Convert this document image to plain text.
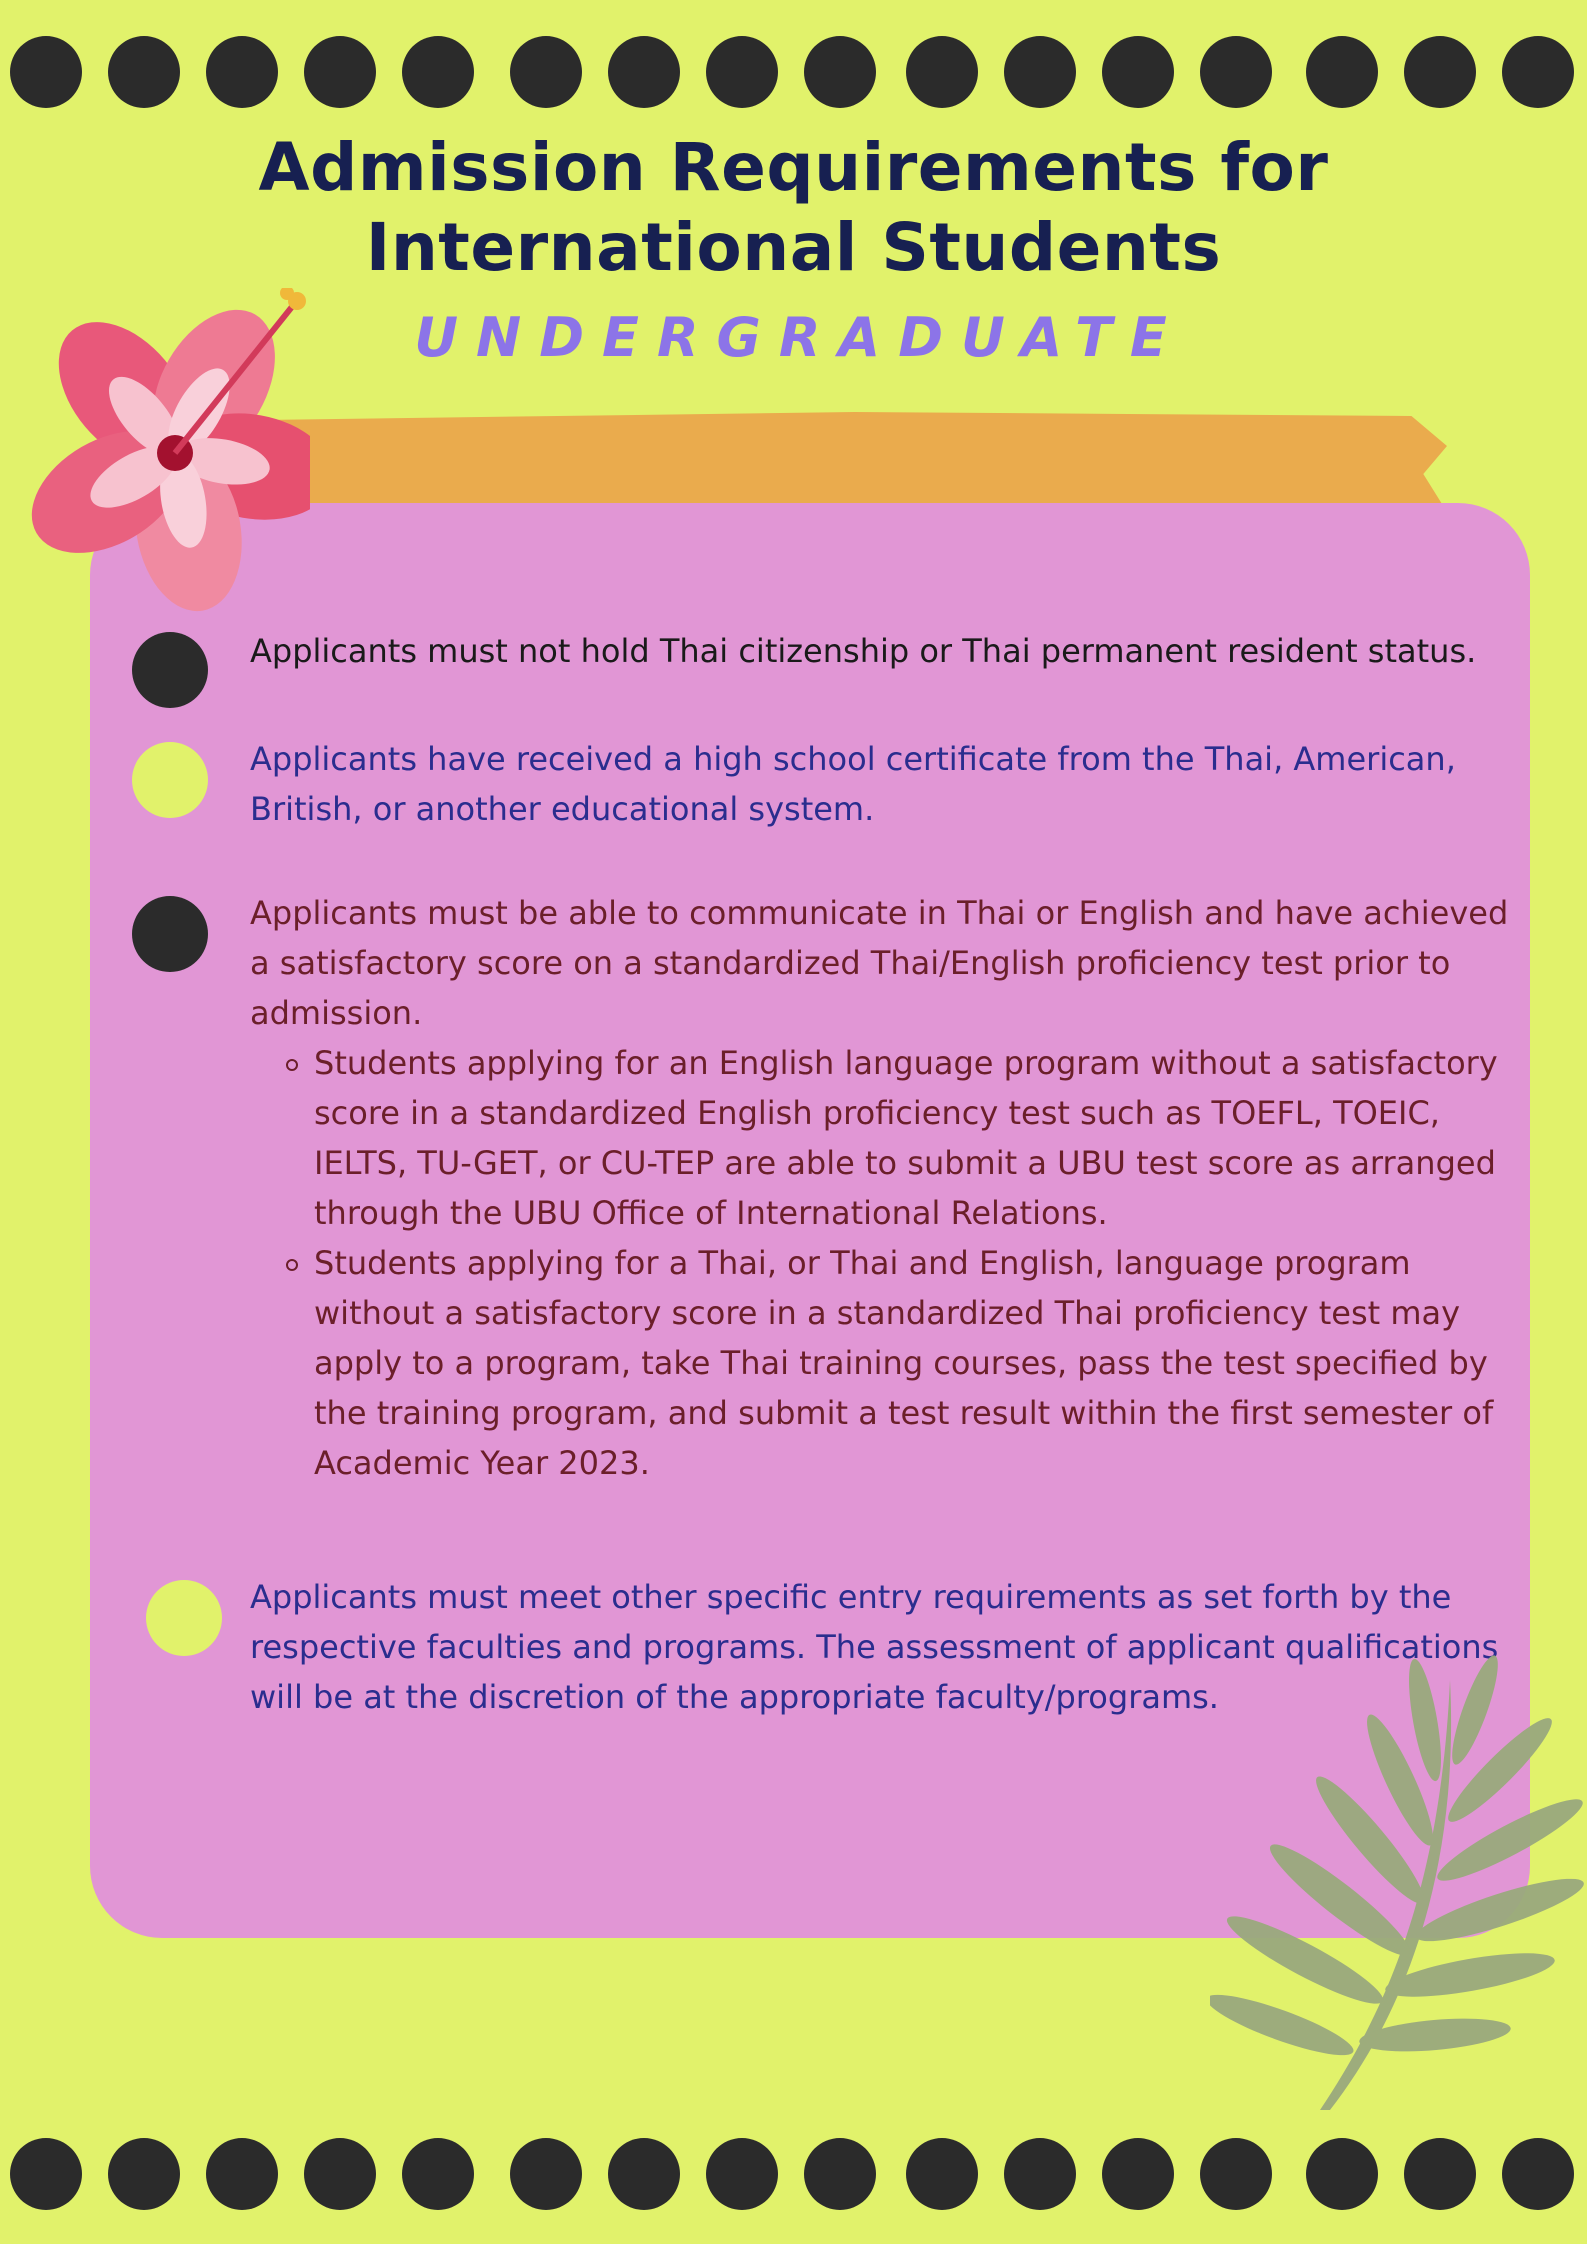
Admission Requirements for
International Students
UNDERGRADUATE

Applicants must not hold Thai citizenship or Thai permanent resident status.

Applicants have received a high school certificate from the Thai, American, British, or another educational system.

Applicants must be able to communicate in Thai or English and have achieved a satisfactory score on a standardized Thai/English proficiency test prior to admission.

Students applying for an English language program without a satisfactory score in a standardized English proficiency test such as TOEFL, TOEIC, IELTS, TU-GET, or CU-TEP are able to submit a UBU test score as arranged through the UBU Office of International Relations.
Students applying for a Thai, or Thai and English, language program without a satisfactory score in a standardized Thai proficiency test may apply to a program, take Thai training courses, pass the test specified by the training program, and submit a test result within the first semester of Academic Year 2023.

Applicants must meet other specific entry requirements as set forth by the respective faculties and programs. The assessment of applicant qualifications will be at the discretion of the appropriate faculty/programs.
